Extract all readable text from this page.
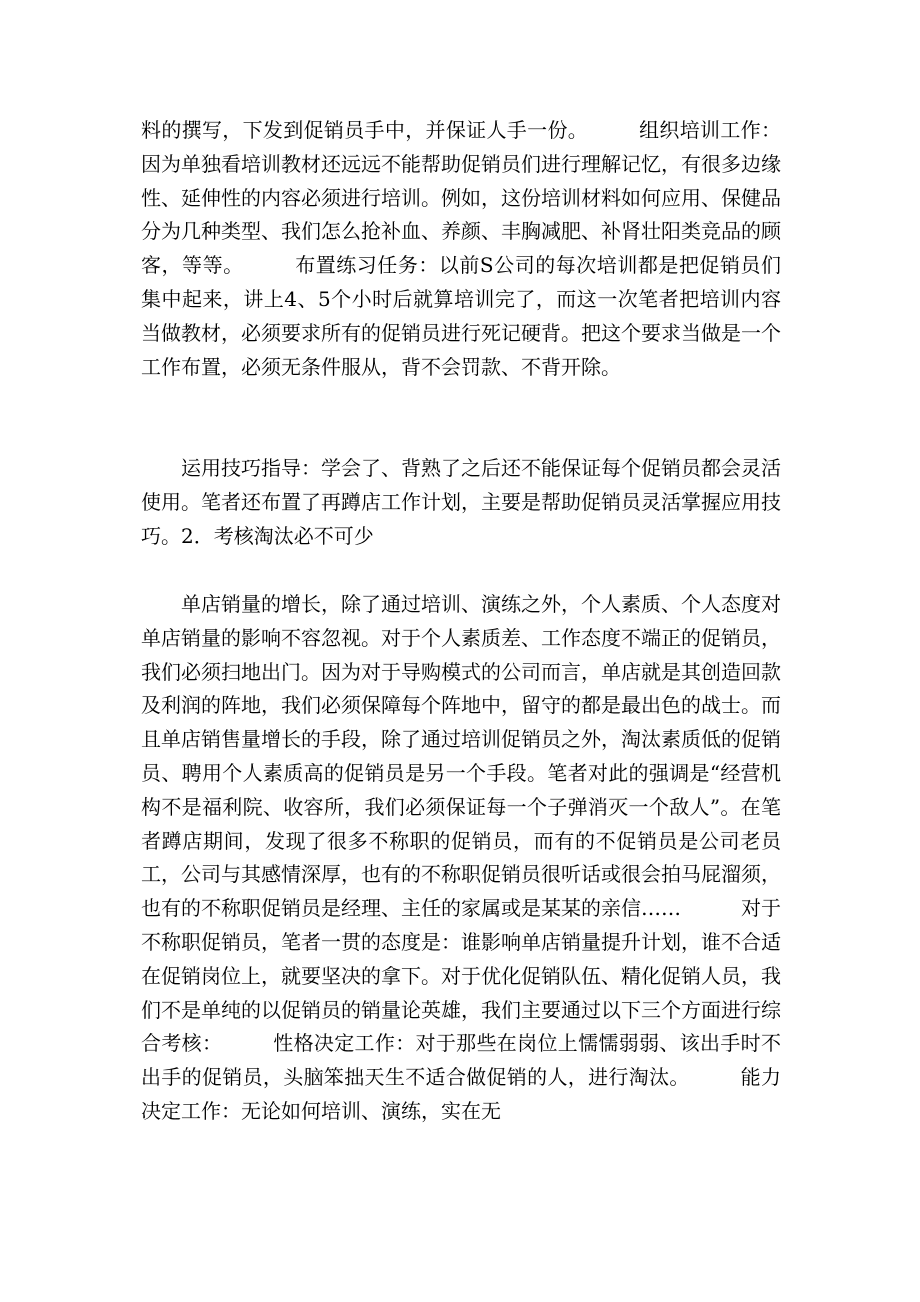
料的撰写，下发到促销员手中，并保证人手一份。　　　组织培训工作：因为单独看培训教材还远远不能帮助促销员们进行理解记忆，有很多边缘性、延伸性的内容必须进行培训。例如，这份培训材料如何应用、保健品分为几种类型、我们怎么抢补血、养颜、丰胸减肥、补肾壮阳类竞品的顾客，等等。　　　布置练习任务：以前S公司的每次培训都是把促销员们集中起来，讲上4、5个小时后就算培训完了，而这一次笔者把培训内容当做教材，必须要求所有的促销员进行死记硬背。把这个要求当做是一个工作布置，必须无条件服从，背不会罚款、不背开除。

　　运用技巧指导：学会了、背熟了之后还不能保证每个促销员都会灵活使用。笔者还布置了再蹲店工作计划，主要是帮助促销员灵活掌握应用技巧。2．考核淘汰必不可少

　　单店销量的增长，除了通过培训、演练之外，个人素质、个人态度对单店销量的影响不容忽视。对于个人素质差、工作态度不端正的促销员，我们必须扫地出门。因为对于导购模式的公司而言，单店就是其创造回款及利润的阵地，我们必须保障每个阵地中，留守的都是最出色的战士。而且单店销售量增长的手段，除了通过培训促销员之外，淘汰素质低的促销员、聘用个人素质高的促销员是另一个手段。笔者对此的强调是“经营机构不是福利院、收容所，我们必须保证每一个子弹消灭一个敌人”。在笔者蹲店期间，发现了很多不称职的促销员，而有的不促销员是公司老员工，公司与其感情深厚，也有的不称职促销员很听话或很会拍马屁溜须，也有的不称职促销员是经理、主任的家属或是某某的亲信……　　　对于不称职促销员，笔者一贯的态度是：谁影响单店销量提升计划，谁不合适在促销岗位上，就要坚决的拿下。对于优化促销队伍、精化促销人员，我们不是单纯的以促销员的销量论英雄，我们主要通过以下三个方面进行综合考核：　　　性格决定工作：对于那些在岗位上懦懦弱弱、该出手时不出手的促销员，头脑笨拙天生不适合做促销的人，进行淘汰。　　　能力决定工作：无论如何培训、演练，实在无
